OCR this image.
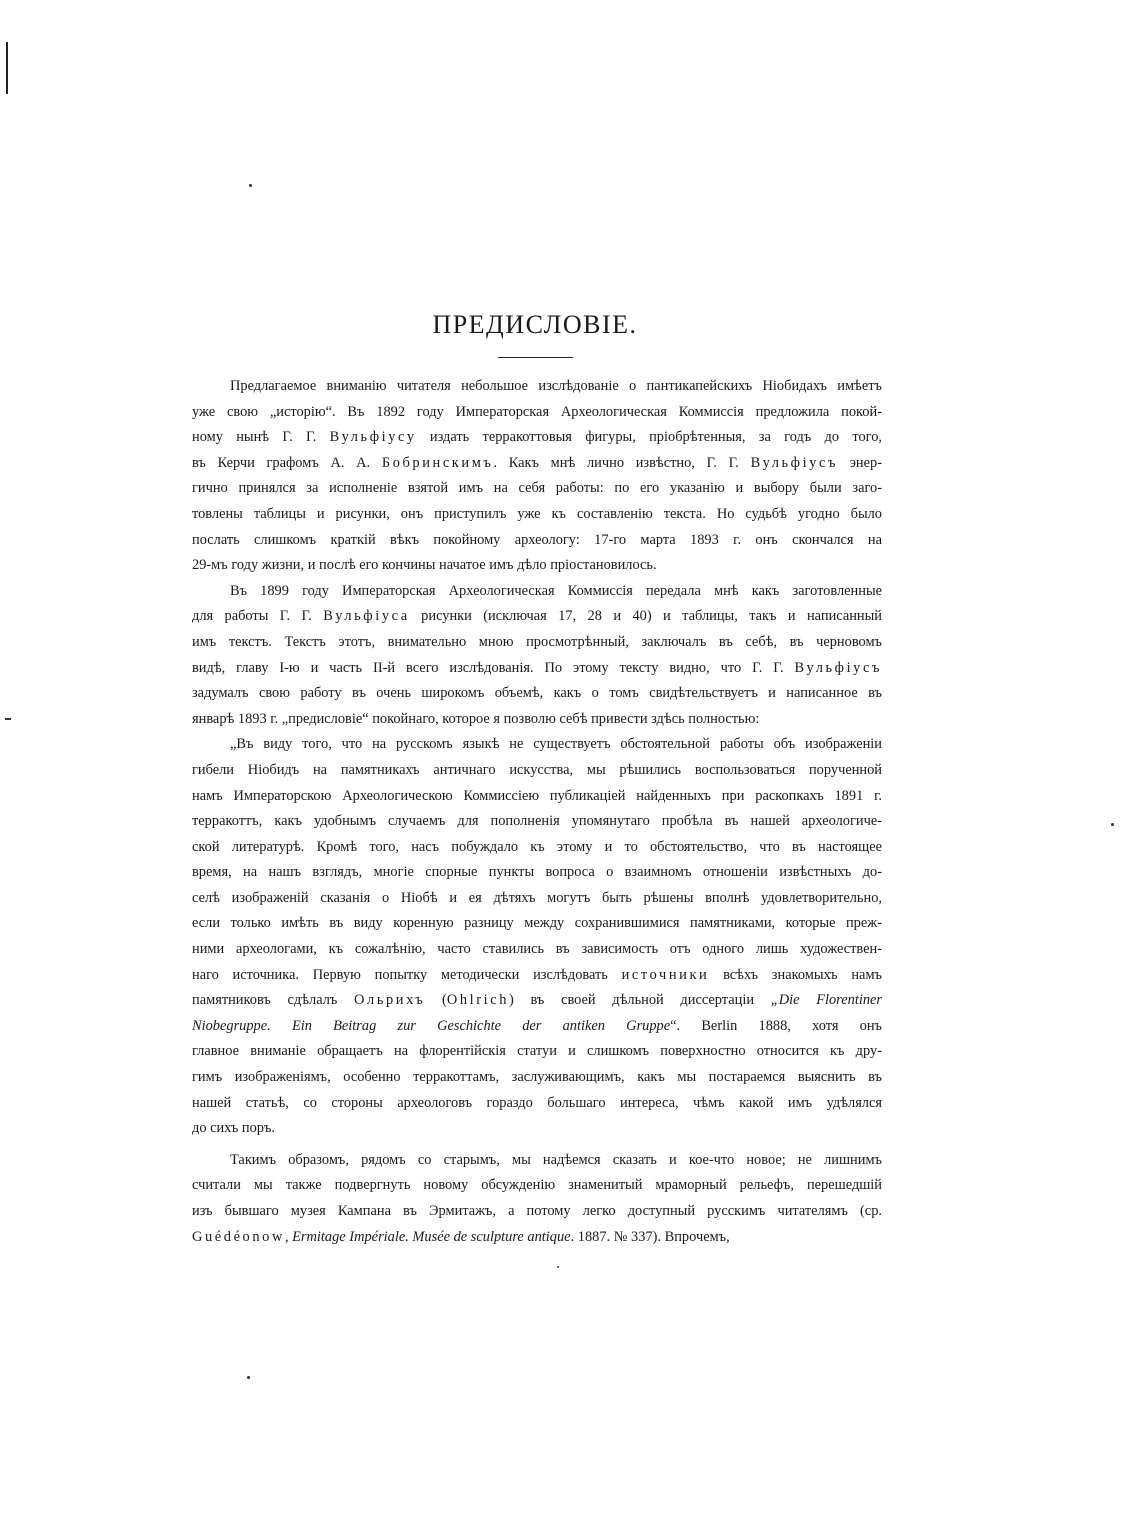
ПРЕДИСЛОВІЕ.
Предлагаемое вниманію читателя небольшое изслѣдованіе о пантикапейскихъ Ніобидахъ имѣетъ
уже свою „исторію“. Въ 1892 году Императорская Археологическая Коммиссія предложила покой-
ному нынѣ Г. Г. Вульфіусу издать терракоттовыя фигуры, пріобрѣтенныя, за годъ до того,
въ Керчи графомъ А. А. Бобринскимъ. Какъ мнѣ лично извѣстно, Г. Г. Вульфіусъ энер-
гично принялся за исполненіе взятой имъ на себя работы: по его указанію и выбору были заго-
товлены таблицы и рисунки, онъ приступилъ уже къ составленію текста. Но судьбѣ угодно было
послать слишкомъ краткій вѣкъ покойному археологу: 17-го марта 1893 г. онъ скончался на
29-мъ году жизни, и послѣ его кончины начатое имъ дѣло пріостановилось.
Въ 1899 году Императорская Археологическая Коммиссія передала мнѣ какъ заготовленные
для работы Г. Г. Вульфіуса рисунки (исключая 17, 28 и 40) и таблицы, такъ и написанный
имъ текстъ. Текстъ этотъ, внимательно мною просмотрѣнный, заключалъ въ себѣ, въ черновомъ
видѣ, главу I-ю и часть II-й всего изслѣдованія. По этому тексту видно, что Г. Г. Вульфіусъ
задумалъ свою работу въ очень широкомъ объемѣ, какъ о томъ свидѣтельствуетъ и написанное въ
январѣ 1893 г. „предисловіе“ покойнаго, которое я позволю себѣ привести здѣсь полностью:
„Въ виду того, что на русскомъ языкѣ не существуетъ обстоятельной работы объ изображеніи
гибели Ніобидъ на памятникахъ античнаго искусства, мы рѣшились воспользоваться порученной
намъ Императорскою Археологическою Коммиссіею публикаціей найденныхъ при раскопкахъ 1891 г.
терракоттъ, какъ удобнымъ случаемъ для пополненія упомянутаго пробѣла въ нашей археологиче-
ской литературѣ. Кромѣ того, насъ побуждало къ этому и то обстоятельство, что въ настоящее
время, на нашъ взглядъ, многіе спорные пункты вопроса о взаимномъ отношеніи извѣстныхъ до-
селѣ изображеній сказанія о Ніобѣ и ея дѣтяхъ могутъ быть рѣшены вполнѣ удовлетворительно,
если только имѣть въ виду коренную разницу между сохранившимися памятниками, которые преж-
ними археологами, къ сожалѣнію, часто ставились въ зависимость отъ одного лишь художествен-
наго источника. Первую попытку методически изслѣдовать источники всѣхъ знакомыхъ намъ
памятниковъ сдѣлалъ Ольрихъ (Ohlrich) въ своей дѣльной диссертаціи „Die Florentiner
Niobegruppe. Ein Beitrag zur Geschichte der antiken Gruppe“. Berlin 1888, хотя онъ
главное вниманіе обращаетъ на флорентійскія статуи и слишкомъ поверхностно относится къ дру-
гимъ изображеніямъ, особенно терракоттамъ, заслуживающимъ, какъ мы постараемся выяснить въ
нашей статьѣ, со стороны археологовъ гораздо большаго интереса, чѣмъ какой имъ удѣлялся
до сихъ поръ.
Такимъ образомъ, рядомъ со старымъ, мы надѣемся сказать и кое-что новое; не лишнимъ
считали мы также подвергнуть новому обсужденію знаменитый мраморный рельефъ, перешедшій
изъ бывшаго музея Кампана въ Эрмитажъ, а потому легко доступный русскимъ читателямъ (ср.
Guédéonow, Ermitage Impériale. Musée de sculpture antique. 1887. № 337). Впрочемъ,
